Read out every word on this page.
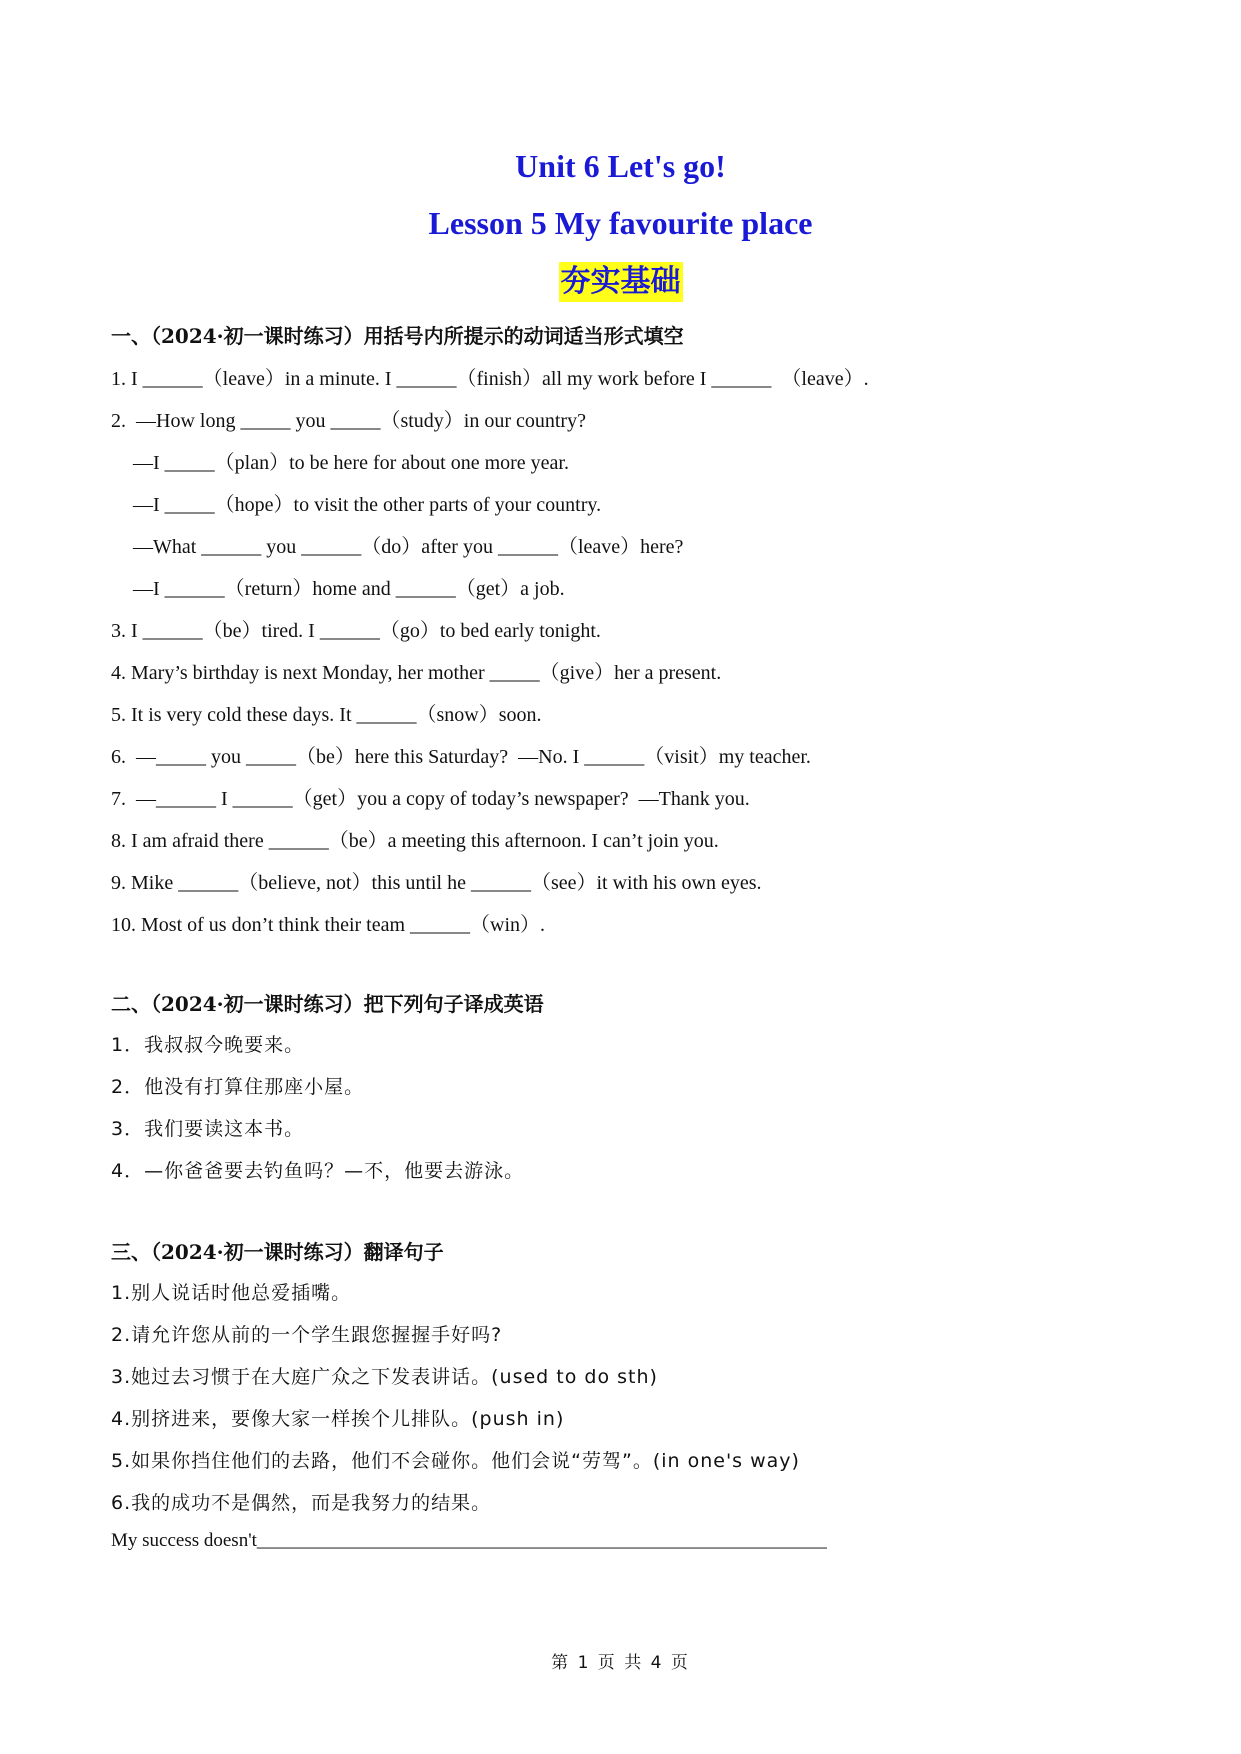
Unit 6 Let's go!
Lesson 5 My favourite place
夯实基础
一、（2024·初一课时练习）用括号内所提示的动词适当形式填空
1. I ______（leave）in a minute. I ______（finish）all my work before I ______  （leave）.
2.  —How long _____ you _____（study）in our country?
—I _____（plan）to be here for about one more year.
—I _____（hope）to visit the other parts of your country.
—What ______ you ______（do）after you ______（leave）here?
—I ______（return）home and ______（get）a job.
3. I ______（be）tired. I ______（go）to bed early tonight.
4. Mary’s birthday is next Monday, her mother _____（give）her a present.
5. It is very cold these days. It ______（snow）soon.
6.  —_____ you _____（be）here this Saturday?  —No. I ______（visit）my teacher.
7.  —______ I ______（get）you a copy of today’s newspaper?  —Thank you.
8. I am afraid there ______（be）a meeting this afternoon. I can’t join you.
9. Mike ______（believe, not）this until he ______（see）it with his own eyes.
10. Most of us don’t think their team ______（win）.
二、（2024·初一课时练习）把下列句子译成英语
1．我叔叔今晚要来。
2．他没有打算住那座小屋。
3．我们要读这本书。
4．—你爸爸要去钓鱼吗？—不，他要去游泳。
三、（2024·初一课时练习）翻译句子
1.别人说话时他总爱插嘴。
2.请允许您从前的一个学生跟您握握手好吗?
3.她过去习惯于在大庭广众之下发表讲话。(used to do sth)
4.别挤进来，要像大家一样挨个儿排队。(push in)
5.如果你挡住他们的去路，他们不会碰你。他们会说“劳驾”。(in one's way)
6.我的成功不是偶然，而是我努力的结果。
My success doesn't____________________________________________________________
第 1 页 共 4 页
